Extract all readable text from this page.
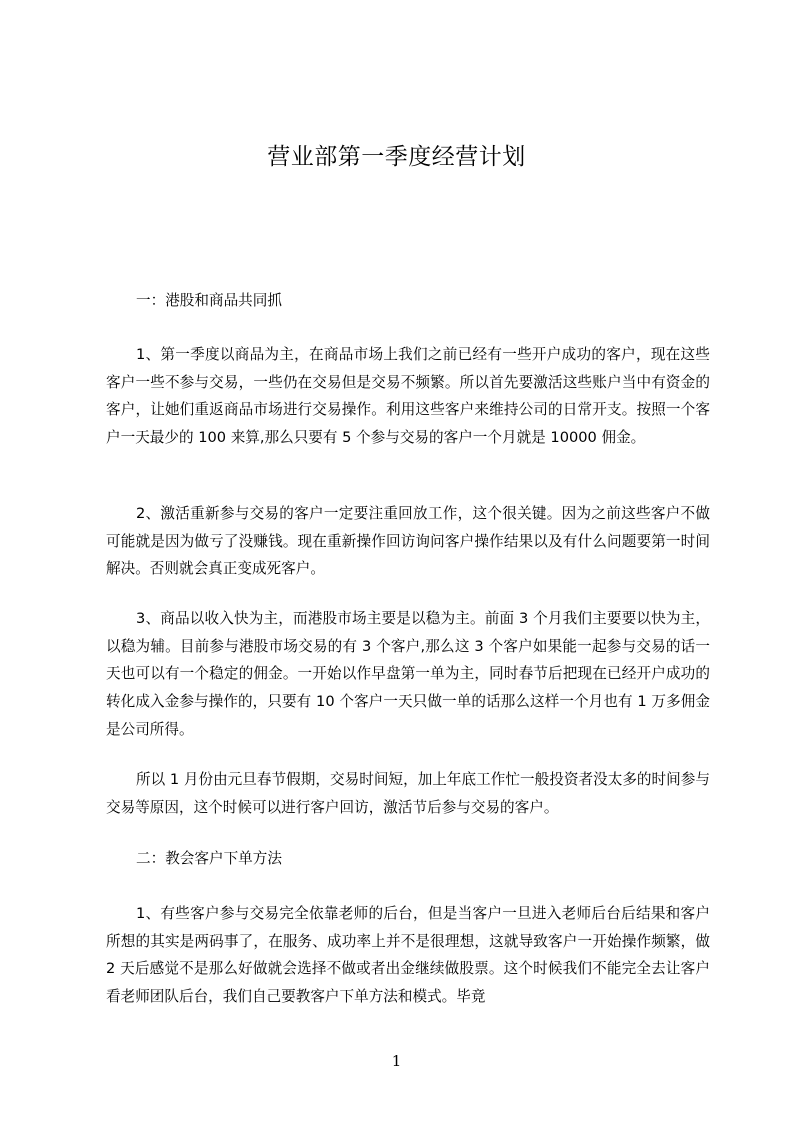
营业部第一季度经营计划

一：港股和商品共同抓

1、第一季度以商品为主，在商品市场上我们之前已经有一些开户成功的客户，现在这些客户一些不参与交易，一些仍在交易但是交易不频繁。所以首先要激活这些账户当中有资金的客户，让她们重返商品市场进行交易操作。利用这些客户来维持公司的日常开支。按照一个客户一天最少的 100 来算,那么只要有 5 个参与交易的客户一个月就是 10000 佣金。

2、激活重新参与交易的客户一定要注重回放工作，这个很关键。因为之前这些客户不做可能就是因为做亏了没赚钱。现在重新操作回访询问客户操作结果以及有什么问题要第一时间解决。否则就会真正变成死客户。

3、商品以收入快为主，而港股市场主要是以稳为主。前面 3 个月我们主要要以快为主，以稳为辅。目前参与港股市场交易的有 3 个客户,那么这 3 个客户如果能一起参与交易的话一天也可以有一个稳定的佣金。一开始以作早盘第一单为主，同时春节后把现在已经开户成功的转化成入金参与操作的，只要有 10 个客户一天只做一单的话那么这样一个月也有 1 万多佣金是公司所得。

所以 1 月份由元旦春节假期，交易时间短，加上年底工作忙一般投资者没太多的时间参与交易等原因，这个时候可以进行客户回访，激活节后参与交易的客户。

二：教会客户下单方法

1、有些客户参与交易完全依靠老师的后台，但是当客户一旦进入老师后台后结果和客户所想的其实是两码事了，在服务、成功率上并不是很理想，这就导致客户一开始操作频繁，做 2 天后感觉不是那么好做就会选择不做或者出金继续做股票。这个时候我们不能完全去让客户看老师团队后台，我们自己要教客户下单方法和模式。毕竟

1
